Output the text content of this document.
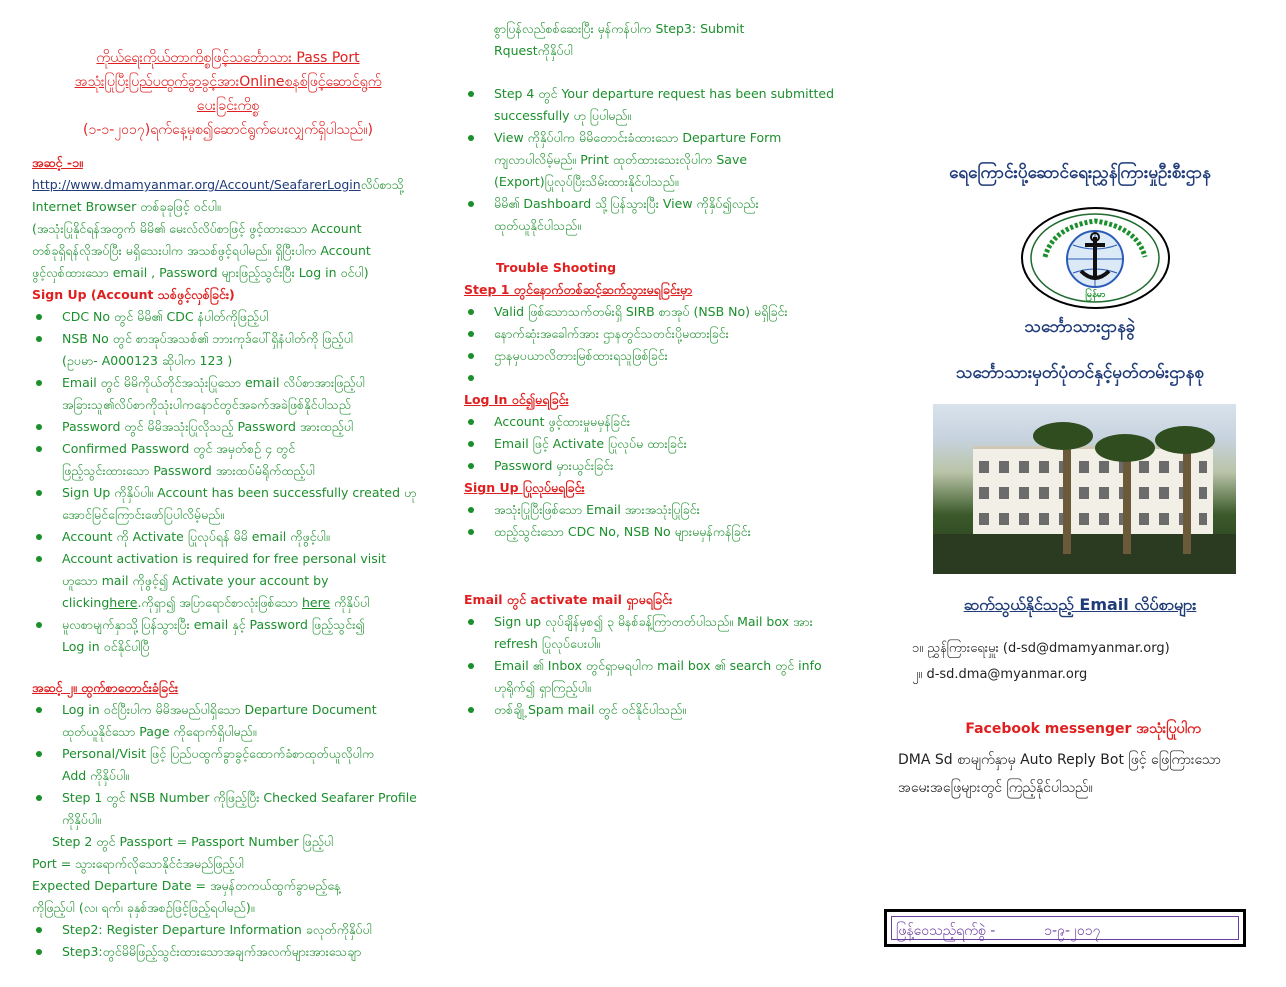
ကိုယ်ရေးကိုယ်တာကိစ္စဖြင့်သင်္ဘောသား Pass Port
အသုံးပြုပြီးပြည်ပထွက်ခွာခွင့်အားOnlineစနစ်ဖြင့်ဆောင်ရွက်
ပေးခြင်းကိစ္စ
(၁-၁-၂၀၁၇)ရက်နေ့မှစ၍ဆောင်ရွက်ပေးလျှက်ရှိပါသည်။)
အဆင့် -၁။
http://www.dmamyanmar.org/Account/SeafarerLoginလိပ်စာသို့
Internet Browser တစ်ခုခုဖြင့် ဝင်ပါ။
(အသုံးပြုနိုင်ရန်အတွက် မိမိ၏ မေးလ်လိပ်စာဖြင့် ဖွင့်ထားသော Account
တစ်ခုရှိရန်လိုအပ်ပြီး မရှိသေးပါက အသစ်ဖွင့်ရပါမည်။ ရှိပြီးပါက Account
ဖွင့်လှစ်ထားသော email , Password များဖြည့်သွင်းပြီး Log in ဝင်ပါ)
Sign Up (Account သစ်ဖွင့်လှစ်ခြင်း)
CDC No တွင် မိမိ၏ CDC နံပါတ်ကိုဖြည့်ပါ
NSB No တွင် စာအုပ်အသစ်၏ ဘားကုဒ်ပေါ်ရှိနံပါတ်ကို ဖြည့်ပါ
(ဥပမာ- A000123 ဆိုပါက 123 )
Email တွင် မိမိကိုယ်တိုင်အသုံးပြုသော email လိပ်စာအားဖြည့်ပါ
အခြားသူ၏လိပ်စာကိုသုံးပါကနောင်တွင်အခက်အခဲဖြစ်နိုင်ပါသည်
Password တွင် မိမိအသုံးပြုလိုသည့် Password အားထည့်ပါ
Confirmed Password တွင် အမှတ်စဉ် ၄ တွင်
ဖြည့်သွင်းထားသော Password အားထပ်မံရိုက်ထည့်ပါ
Sign Up ကိုနှိပ်ပါ။ Account has been successfully created ဟု
အောင်မြင်ကြောင်းဖော်ပြပါလိမ့်မည်။
Account ကို Activate ပြုလုပ်ရန် မိမိ email ကိုဖွင့်ပါ။
Account activation is required for free personal visit
ဟူသော mail ကိုဖွင့်၍ Activate your account by
clickinghere.ကိုရှာ၍ အပြာရောင်စာလုံးဖြစ်သော here ကိုနှိပ်ပါ
မူလစာမျက်နှာသို့ပြန်သွားပြီး email နှင့် Password ဖြည့်သွင်း၍
Log in ဝင်နိုင်ပါပြီ
အဆင့် ၂။ ထွက်စာတောင်းခံခြင်း
Log in ဝင်ပြီးပါက မိမိအမည်ပါရှိသော Departure Document
ထုတ်ယူနိုင်သော Page ကိုရောက်ရှိပါမည်။
Personal/Visit ဖြင့် ပြည်ပထွက်ခွာခွင့်ထောက်ခံစာထုတ်ယူလိုပါက
Add ကိုနှိပ်ပါ။
Step 1 တွင် NSB Number ကိုဖြည့်ပြီး Checked Seafarer Profile
ကိုနှိပ်ပါ။
Step 2 တွင် Passport = Passport Number ဖြည့်ပါ
Port = သွားရောက်လိုသောနိုင်ငံအမည်ဖြည့်ပါ
Expected Departure Date = အမှန်တကယ်ထွက်ခွာမည့်နေ့
ကိုဖြည့်ပါ (လ၊ ရက်၊ ခုနှစ်အစဉ်ဖြင့်ဖြည့်ရပါမည်)။
Step2: Register Departure Information ခလုတ်ကိုနှိပ်ပါ
Step3:တွင်မိမိဖြည့်သွင်းထားသောအချက်အလက်များအားသေချာ
စွာပြန်လည်စစ်ဆေးပြီး မှန်ကန်ပါက Step3: Submit
Rquestကိုနှိပ်ပါ
Step 4 တွင် Your departure request has been submitted
successfully ဟု ပြပါမည်။
View ကိုနှိပ်ပါက မိမိတောင်းခံထားသော Departure Form
ကျလာပါလိမ့်မည်။ Print ထုတ်ထားသေးလိုပါက Save
(Export)ပြုလုပ်ပြီးသိမ်းထားနိုင်ပါသည်။
မိမိ၏ Dashboard သို့ပြန်သွားပြီး View ကိုနှိပ်၍လည်း
ထုတ်ယူနိုင်ပါသည်။
Trouble Shooting
Step 1 တွင်နောက်တစ်ဆင့်ဆက်သွားမရခြင်းမှာ
Valid ဖြစ်သောသက်တမ်းရှိ SIRB စာအုပ် (NSB No) မရှိခြင်း
နောက်ဆုံးအခေါက်အား ဌာနတွင်သတင်းပို့မထားခြင်း
ဌာနမှပယာလိတားမြစ်ထားရသူဖြစ်ခြင်း

Log In ဝင်၍မရခြင်း
Account ဖွင့်ထားမှုမမှန်ခြင်း
Email ဖြင့် Activate ပြုလုပ်မ ထားခြင်း
Password မှားယွင်းခြင်း
Sign Up ပြုလုပ်မရခြင်း
အသုံးပြုပြီးဖြစ်သော Email အားအသုံးပြုခြင်း
ထည့်သွင်းသော CDC No, NSB No များမမှန်ကန်ခြင်း
Email တွင် activate mail ရှာမရခြင်း
Sign up လုပ်ချိန်မှစ၍ ၃ မိနစ်ခန့်ကြာတတ်ပါသည်။ Mail box အား
refresh ပြုလုပ်ပေးပါ။
Email ၏ Inbox တွင်ရှာမရပါက mail box ၏ search တွင် info
ဟုရိုက်၍ ရှာကြည့်ပါ။
တစ်ချို့ Spam mail တွင် ဝင်နိုင်ပါသည်။
ရေကြောင်းပို့ဆောင်ရေးညွှန်ကြားမှုဦးစီးဌာန
သင်္ဘောသားဌာနခွဲ
သင်္ဘောသားမှတ်ပုံတင်နှင့်မှတ်တမ်းဌာနစု
မြန်မာ
ဆက်သွယ်နိုင်သည့် Email လိပ်စာများ
၁။ ညွှန်ကြားရေးမှူး (d-sd@dmamyanmar.org)
၂။ d-sd.dma@myanmar.org
Facebook messenger အသုံးပြုပါက
DMA Sd စာမျက်နှာမှ Auto Reply Bot ဖြင့် ဖြေကြားသော
အမေးအဖြေများတွင် ကြည့်နိုင်ပါသည်။
ဖြန့်ဝေသည့်ရက်စွဲ -	၁-၉-၂၀၁၇
